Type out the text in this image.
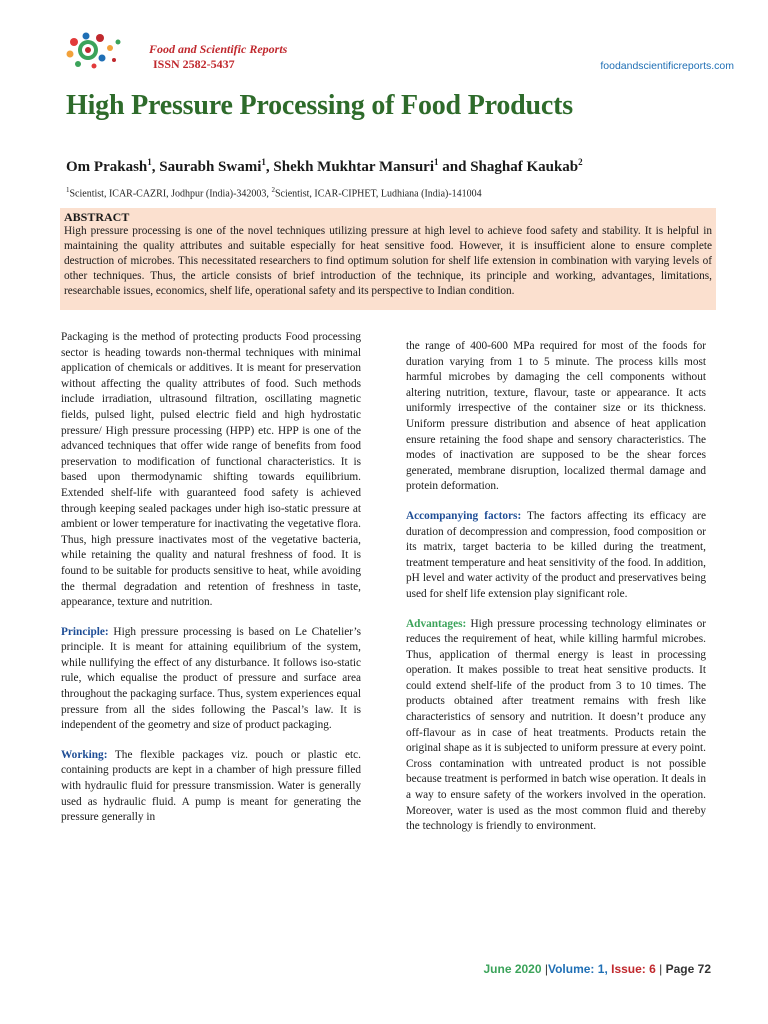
Food and Scientific Reports
ISSN 2582-5437	foodandscientificreports.com
High Pressure Processing of Food Products
Om Prakash$^1$, Saurabh Swami$^1$, Shekh Mukhtar Mansuri$^1$ and Shaghaf Kaukab$^2$
$^1$Scientist, ICAR-CAZRI, Jodhpur (India)-342003, $^2$Scientist, ICAR-CIPHET, Ludhiana (India)-141004
ABSTRACT
High pressure processing is one of the novel techniques utilizing pressure at high level to achieve food safety and stability. It is helpful in maintaining the quality attributes and suitable especially for heat sensitive food. However, it is insufficient alone to ensure complete destruction of microbes. This necessitated researchers to find optimum solution for shelf life extension in combination with varying levels of other techniques. Thus, the article consists of brief introduction of the technique, its principle and working, advantages, limitations, researchable issues, economics, shelf life, operational safety and its perspective to Indian condition.

Packaging is the method of protecting products Food processing sector is heading towards non-thermal techniques with minimal application of chemicals or additives. It is meant for preservation without affecting the quality attributes of food. Such methods include irradiation, ultrasound filtration, oscillating magnetic fields, pulsed light, pulsed electric field and high hydrostatic pressure/ High pressure processing (HPP) etc. HPP is one of the advanced techniques that offer wide range of benefits from food preservation to modification of functional characteristics. It is based upon thermodynamic shifting towards equilibrium. Extended shelf-life with guaranteed food safety is achieved through keeping sealed packages under high iso-static pressure at ambient or lower temperature for inactivating the vegetative flora. Thus, high pressure inactivates most of the vegetative bacteria, while retaining the quality and natural freshness of food. It is found to be suitable for products sensitive to heat, while avoiding the thermal degradation and retention of freshness in taste, appearance, texture and nutrition.

Principle: High pressure processing is based on Le Chatelier’s principle. It is meant for attaining equilibrium of the system, while nullifying the effect of any disturbance. It follows iso-static rule, which equalise the product of pressure and surface area throughout the packaging surface. Thus, system experiences equal pressure from all the sides following the Pascal’s law. It is independent of the geometry and size of product packaging.

Working: The flexible packages viz. pouch or plastic etc. containing products are kept in a chamber of high pressure filled with hydraulic fluid for pressure transmission. Water is generally used as hydraulic fluid. A pump is meant for generating the pressure generally in

the range of 400-600 MPa required for most of the foods for duration varying from 1 to 5 minute. The process kills most harmful microbes by damaging the cell components without altering nutrition, texture, flavour, taste or appearance. It acts uniformly irrespective of the container size or its thickness. Uniform pressure distribution and absence of heat application ensure retaining the food shape and sensory characteristics. The modes of inactivation are supposed to be the shear forces generated, membrane disruption, localized thermal damage and protein deformation.

Accompanying factors: The factors affecting its efficacy are duration of decompression and compression, food composition or its matrix, target bacteria to be killed during the treatment, treatment temperature and heat sensitivity of the food. In addition, pH level and water activity of the product and preservatives being used for shelf life extension play significant role.

Advantages: High pressure processing technology eliminates or reduces the requirement of heat, while killing harmful microbes. Thus, application of thermal energy is least in processing operation. It makes possible to treat heat sensitive products. It could extend shelf-life of the product from 3 to 10 times. The products obtained after treatment remains with fresh like characteristics of sensory and nutrition. It doesn’t produce any off-flavour as in case of heat treatments. Products retain the original shape as it is subjected to uniform pressure at every point. Cross contamination with untreated product is not possible because treatment is performed in batch wise operation. It deals in a way to ensure safety of the workers involved in the operation. Moreover, water is used as the most common fluid and thereby the technology is friendly to environment.

June 2020 |Volume: 1, Issue: 6 | Page 72
